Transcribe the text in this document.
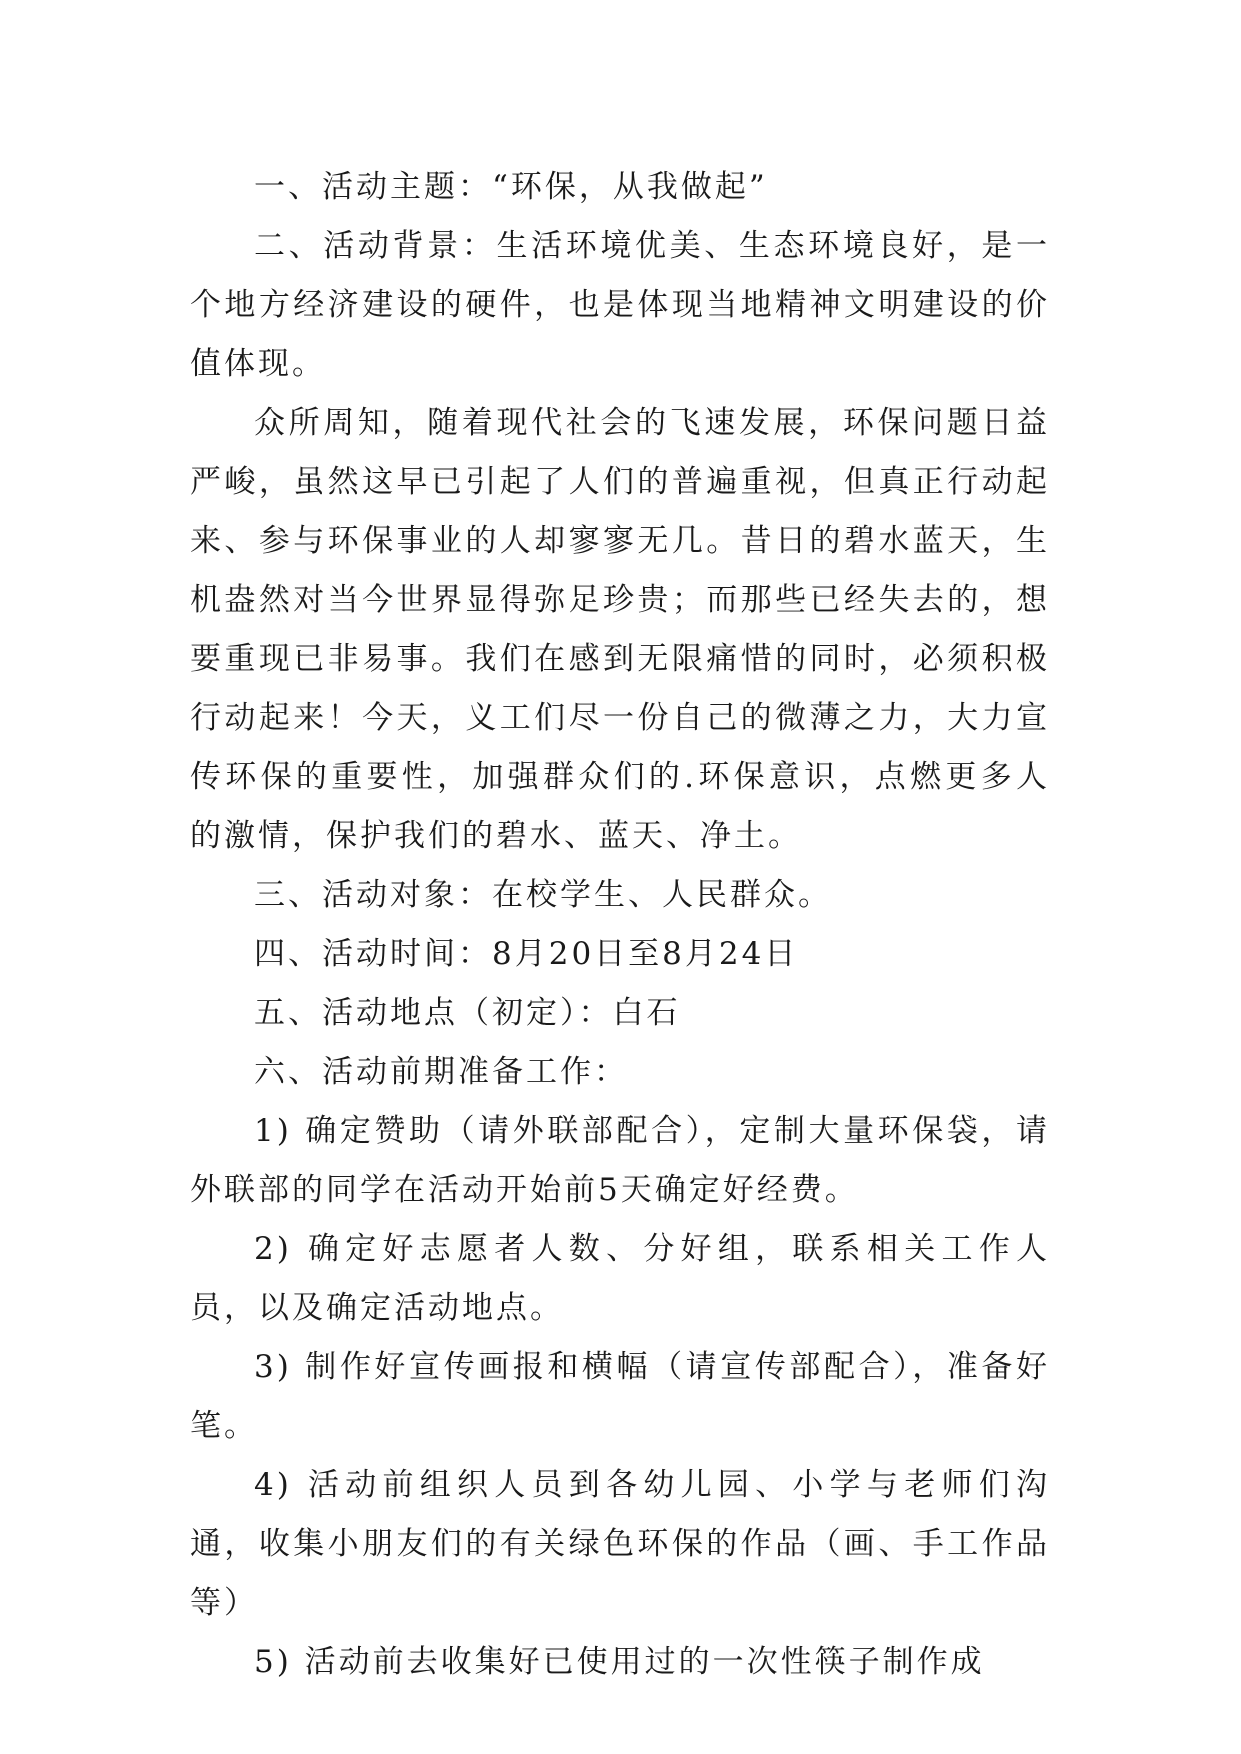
一、活动主题：“环保，从我做起”

二、活动背景：生活环境优美、生态环境良好，是一个地方经济建设的硬件，也是体现当地精神文明建设的价值体现。

众所周知，随着现代社会的飞速发展，环保问题日益严峻，虽然这早已引起了人们的普遍重视，但真正行动起来、参与环保事业的人却寥寥无几。昔日的碧水蓝天，生机盎然对当今世界显得弥足珍贵；而那些已经失去的，想要重现已非易事。我们在感到无限痛惜的同时，必须积极行动起来！今天，义工们尽一份自己的微薄之力，大力宣传环保的重要性，加强群众们的.环保意识，点燃更多人的激情，保护我们的碧水、蓝天、净土。

三、活动对象：在校学生、人民群众。

四、活动时间：8月20日至8月24日

五、活动地点（初定）：白石

六、活动前期准备工作：

1) 确定赞助（请外联部配合），定制大量环保袋，请外联部的同学在活动开始前5天确定好经费。

2) 确定好志愿者人数、分好组，联系相关工作人员，以及确定活动地点。

3) 制作好宣传画报和横幅（请宣传部配合），准备好笔。

4) 活动前组织人员到各幼儿园、小学与老师们沟通，收集小朋友们的有关绿色环保的作品（画、手工作品等）

5) 活动前去收集好已使用过的一次性筷子制作成
